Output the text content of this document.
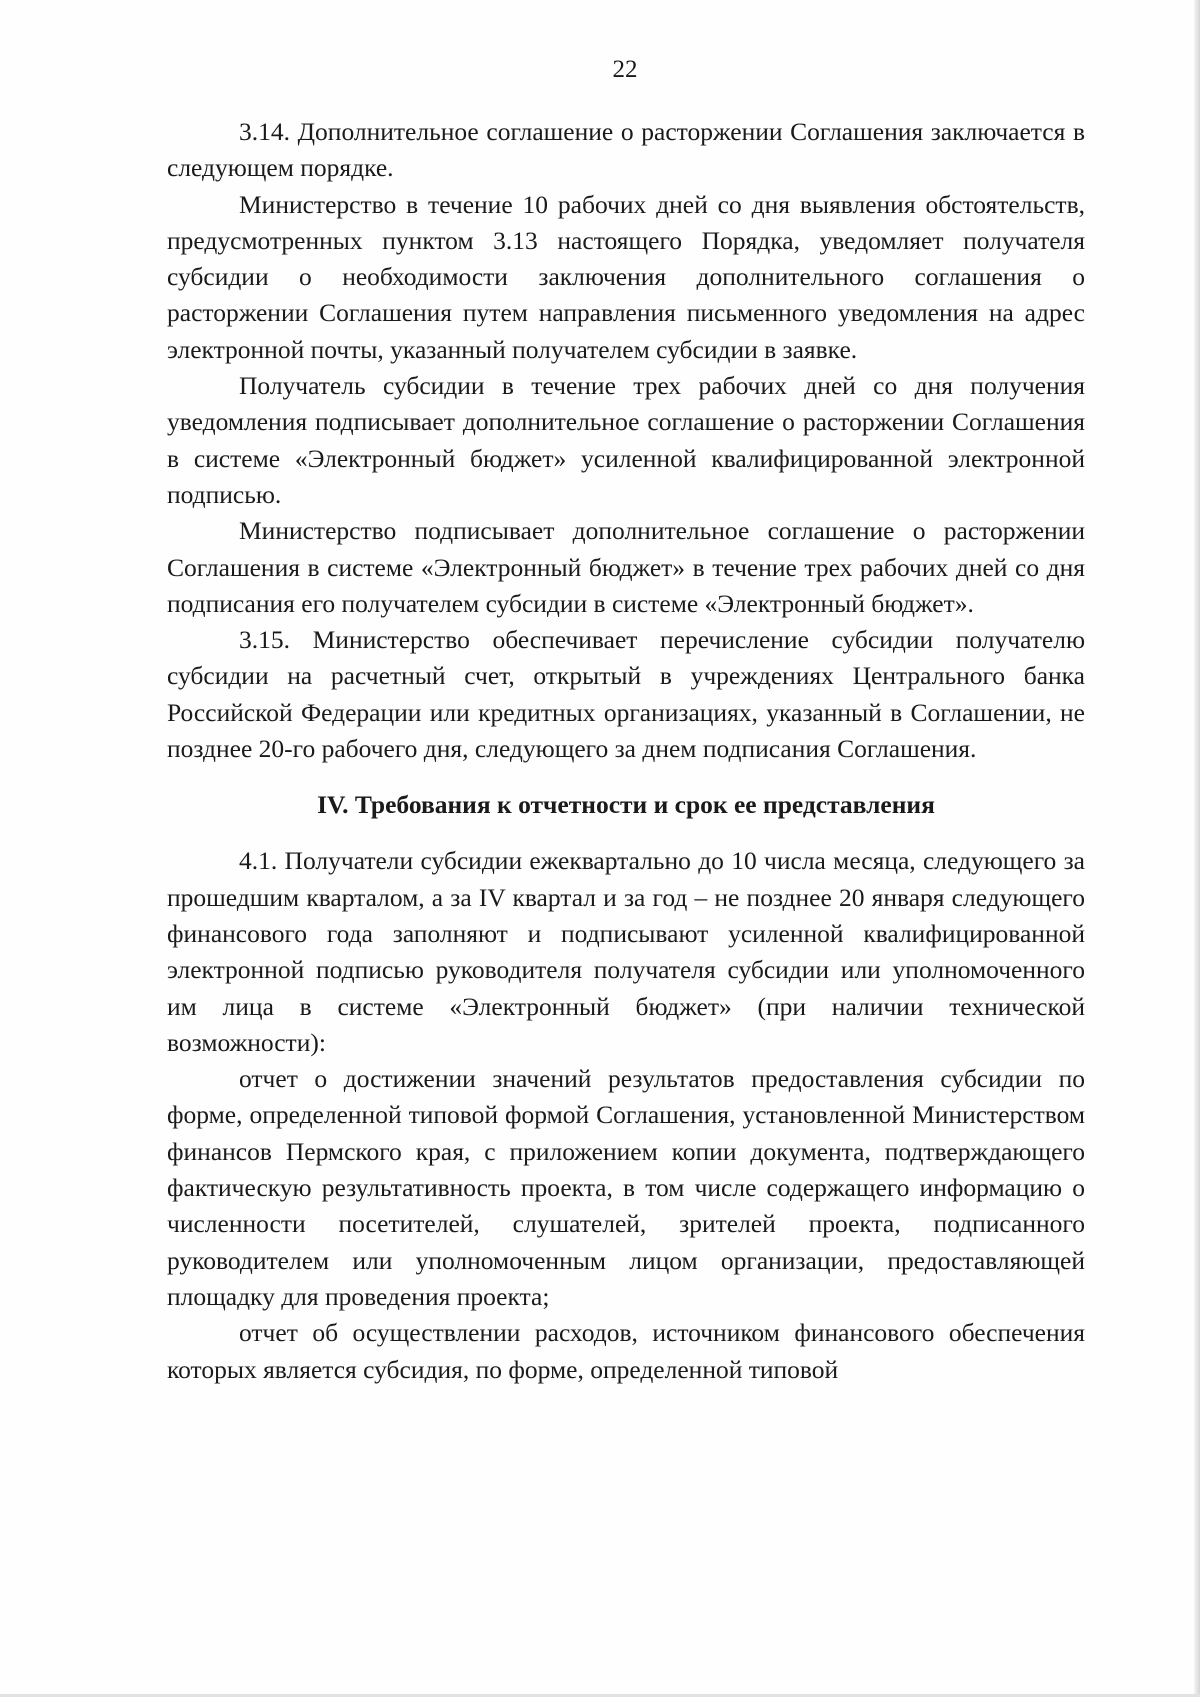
22

3.14. Дополнительное соглашение о расторжении Соглашения заключается в следующем порядке.

Министерство в течение 10 рабочих дней со дня выявления обстоятельств, предусмотренных пунктом 3.13 настоящего Порядка, уведомляет получателя субсидии о необходимости заключения дополнительного соглашения о расторжении Соглашения путем направления письменного уведомления на адрес электронной почты, указанный получателем субсидии в заявке.

Получатель субсидии в течение трех рабочих дней со дня получения уведомления подписывает дополнительное соглашение о расторжении Соглашения в системе «Электронный бюджет» усиленной квалифицированной электронной подписью.

Министерство подписывает дополнительное соглашение о расторжении Соглашения в системе «Электронный бюджет» в течение трех рабочих дней со дня подписания его получателем субсидии в системе «Электронный бюджет».

3.15. Министерство обеспечивает перечисление субсидии получателю субсидии на расчетный счет, открытый в учреждениях Центрального банка Российской Федерации или кредитных организациях, указанный в Соглашении, не позднее 20-го рабочего дня, следующего за днем подписания Соглашения.

IV. Требования к отчетности и срок ее представления

4.1. Получатели субсидии ежеквартально до 10 числа месяца, следующего за прошедшим кварталом, а за IV квартал и за год – не позднее 20 января следующего финансового года заполняют и подписывают усиленной квалифицированной электронной подписью руководителя получателя субсидии или уполномоченного им лица в системе «Электронный бюджет» (при наличии технической возможности):

отчет о достижении значений результатов предоставления субсидии по форме, определенной типовой формой Соглашения, установленной Министерством финансов Пермского края, с приложением копии документа, подтверждающего фактическую результативность проекта, в том числе содержащего информацию о численности посетителей, слушателей, зрителей проекта, подписанного руководителем или уполномоченным лицом организации, предоставляющей площадку для проведения проекта;

отчет об осуществлении расходов, источником финансового обеспечения которых является субсидия, по форме, определенной типовой
